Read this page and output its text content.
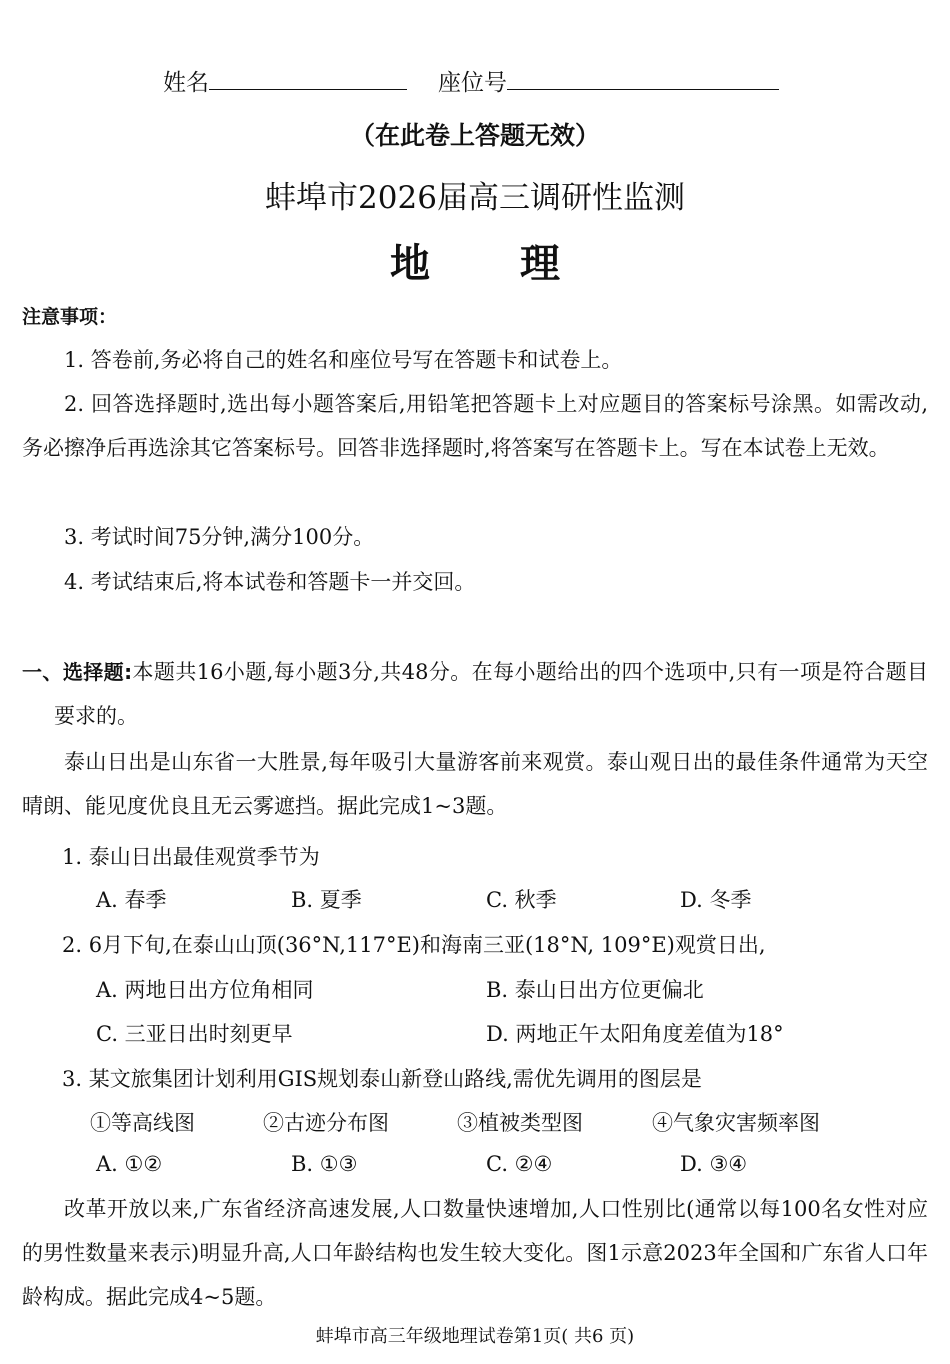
姓名	座位号
（在此卷上答题无效）
蚌埠市2026届高三调研性监测
地 理
注意事项：
1. 答卷前,务必将自己的姓名和座位号写在答题卡和试卷上。
2. 回答选择题时,选出每小题答案后,用铅笔把答题卡上对应题目的答案标号涂黑。如需改动,务必擦净后再选涂其它答案标号。回答非选择题时,将答案写在答题卡上。写在本试卷上无效。
3. 考试时间75分钟,满分100分。
4. 考试结束后,将本试卷和答题卡一并交回。
一、选择题:本题共16小题,每小题3分,共48分。在每小题给出的四个选项中,只有一项是符合题目要求的。
泰山日出是山东省一大胜景,每年吸引大量游客前来观赏。泰山观日出的最佳条件通常为天空晴朗、能见度优良且无云雾遮挡。据此完成1~3题。
1. 泰山日出最佳观赏季节为
A. 春季	B. 夏季	C. 秋季	D. 冬季
2. 6月下旬,在泰山山顶(36°N,117°E)和海南三亚(18°N, 109°E)观赏日出,
A. 两地日出方位角相同	B. 泰山日出方位更偏北
C. 三亚日出时刻更早	D. 两地正午太阳角度差值为18°
3. 某文旅集团计划利用GIS规划泰山新登山路线,需优先调用的图层是
①等高线图	②古迹分布图	③植被类型图	④气象灾害频率图
A. ①②	B. ①③	C. ②④	D. ③④
改革开放以来,广东省经济高速发展,人口数量快速增加,人口性别比(通常以每100名女性对应的男性数量来表示)明显升高,人口年龄结构也发生较大变化。图1示意2023年全国和广东省人口年龄构成。据此完成4~5题。
蚌埠市高三年级地理试卷第1页( 共6 页)
